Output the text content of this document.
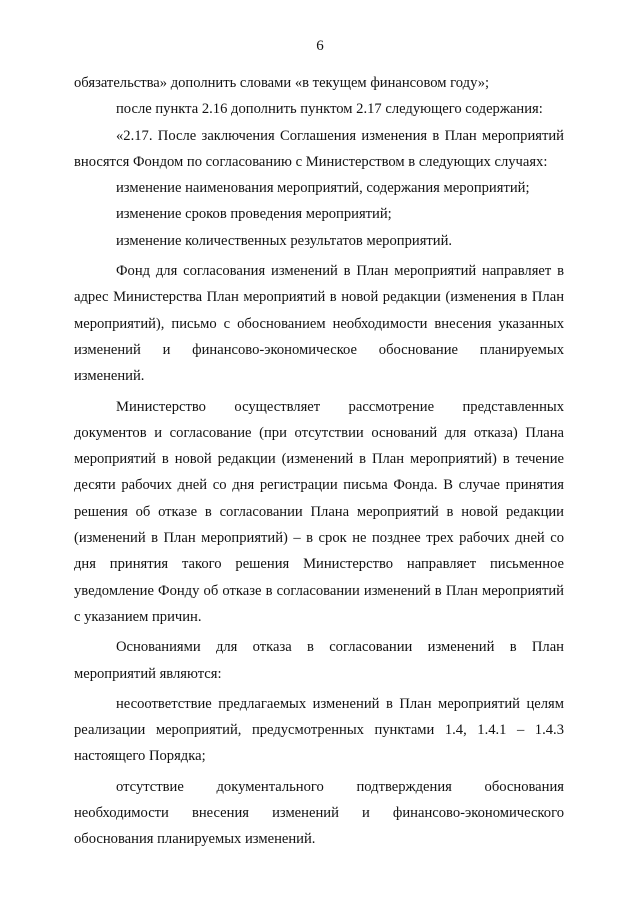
6

обязательства» дополнить словами «в текущем финансовом году»;

после пункта 2.16 дополнить пунктом 2.17 следующего содержания:

«2.17. После заключения Соглашения изменения в План мероприятий вносятся Фондом по согласованию с Министерством в следующих случаях:

изменение наименования мероприятий, содержания мероприятий;

изменение сроков проведения мероприятий;

изменение количественных результатов мероприятий.

Фонд для согласования изменений в План мероприятий направляет в адрес Министерства План мероприятий в новой редакции (изменения в План мероприятий), письмо с обоснованием необходимости внесения указанных изменений и финансово-экономическое обоснование планируемых изменений.

Министерство осуществляет рассмотрение представленных документов и согласование (при отсутствии оснований для отказа) Плана мероприятий в новой редакции (изменений в План мероприятий) в течение десяти рабочих дней со дня регистрации письма Фонда. В случае принятия решения об отказе в согласовании Плана мероприятий в новой редакции (изменений в План мероприятий) – в срок не позднее трех рабочих дней со дня принятия такого решения Министерство направляет письменное уведомление Фонду об отказе в согласовании изменений в План мероприятий с указанием причин.

Основаниями для отказа в согласовании изменений в План мероприятий являются:

несоответствие предлагаемых изменений в План мероприятий целям реализации мероприятий, предусмотренных пунктами 1.4, 1.4.1 – 1.4.3 настоящего Порядка;

отсутствие документального подтверждения обоснования необходимости внесения изменений и финансово-экономического обоснования планируемых изменений.
